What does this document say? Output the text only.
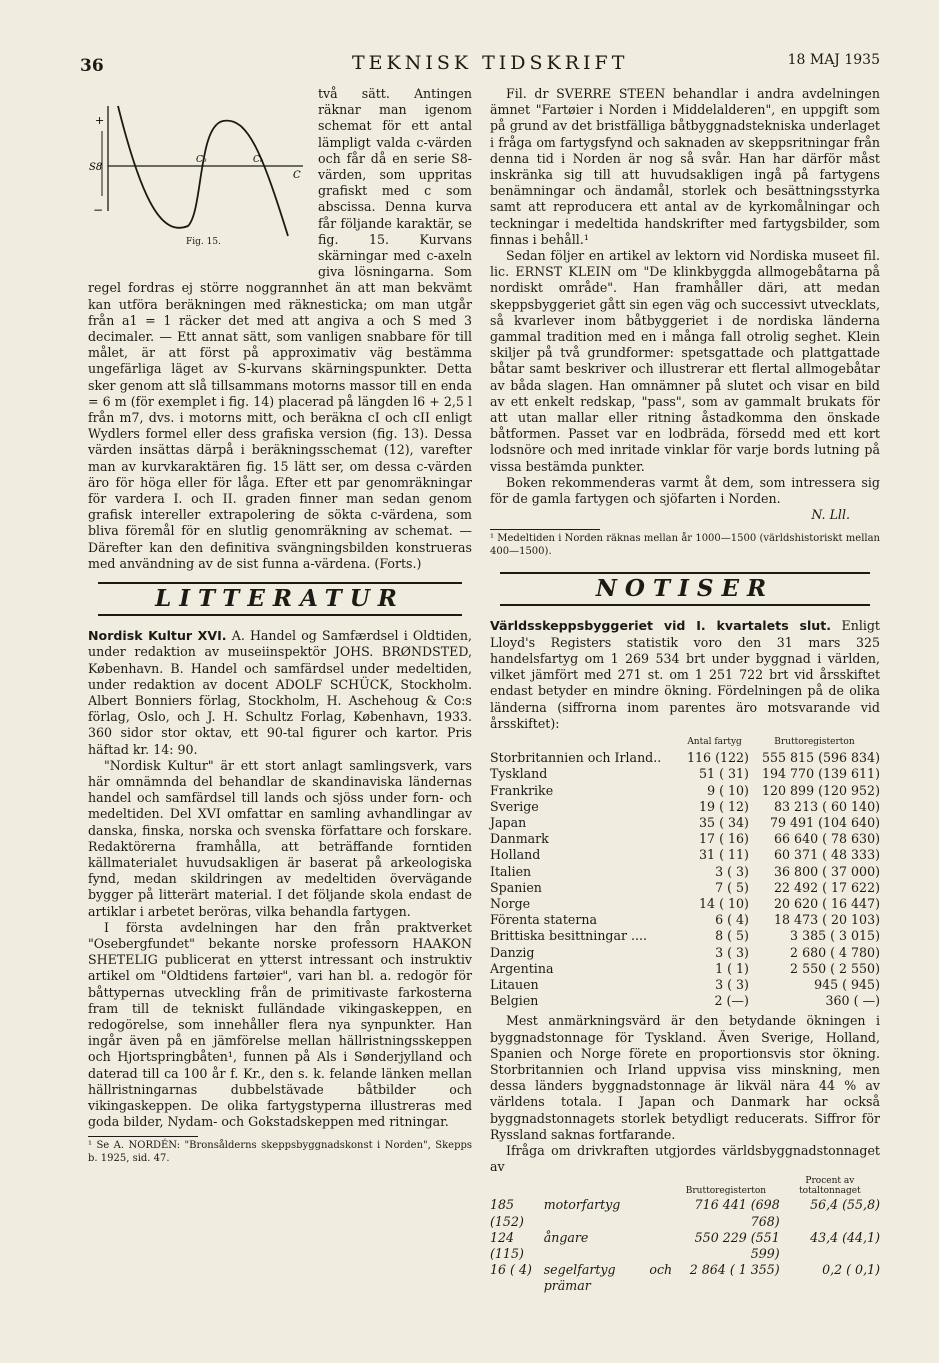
36	TEKNISK TIDSKRIFT	18 MAJ 1935
+
−
S8
C₀	Cₕ
C
Fig. 15.

två sätt. Antingen räknar man igenom schemat för ett antal lämpligt valda c-värden och får då en serie S8-värden, som uppritas grafiskt med c som abscissa. Denna kurva får följande karaktär, se fig. 15. Kurvans skärningar med c-axeln giva lösningarna. Som regel fordras ej större noggrannhet än att man bekvämt kan utföra beräkningen med räknesticka; om man utgår från a1 = 1 räcker det med att angiva a och S med 3 decimaler. — Ett annat sätt, som vanligen snabbare för till målet, är att först på approximativ väg bestämma ungefärliga läget av S-kurvans skärningspunkter. Detta sker genom att slå tillsammans motorns massor till en enda = 6 m (för exemplet i fig. 14) placerad på längden l6 + 2,5 l från m7, dvs. i motorns mitt, och beräkna cI och cII enligt Wydlers formel eller dess grafiska version (fig. 13). Dessa värden insättas därpå i beräkningsschemat (12), varefter man av kurvkaraktären fig. 15 lätt ser, om dessa c-värden äro för höga eller för låga. Efter ett par genomräkningar för vardera I. och II. graden finner man sedan genom grafisk intereller extrapolering de sökta c-värdena, som bliva föremål för en slutlig genomräkning av schemat. — Därefter kan den definitiva svängningsbilden konstrueras med användning av de sist funna a-värdena. (Forts.)

LITTERATUR

Nordisk Kultur XVI. A. Handel og Samfærdsel i Oldtiden, under redaktion av museiinspektör JOHS. BRØNDSTED, København. B. Handel och samfärdsel under medeltiden, under redaktion av docent ADOLF SCHÜCK, Stockholm. Albert Bonniers förlag, Stockholm, H. Aschehoug & Co:s förlag, Oslo, och J. H. Schultz Forlag, København, 1933. 360 sidor stor oktav, ett 90-tal figurer och kartor. Pris häftad kr. 14: 90.

"Nordisk Kultur" är ett stort anlagt samlingsverk, vars här omnämnda del behandlar de skandinaviska ländernas handel och samfärdsel till lands och sjöss under forn- och medeltiden. Del XVI omfattar en samling avhandlingar av danska, finska, norska och svenska författare och forskare. Redaktörerna framhålla, att beträffande forntiden källmaterialet huvudsakligen är baserat på arkeologiska fynd, medan skildringen av medeltiden övervägande bygger på litterärt material. I det följande skola endast de artiklar i arbetet beröras, vilka behandla fartygen.

I första avdelningen har den från praktverket "Osebergfundet" bekante norske professorn HAAKON SHETELIG publicerat en ytterst intressant och instruktiv artikel om "Oldtidens fartøier", vari han bl. a. redogör för båttypernas utveckling från de primitivaste farkosterna fram till de tekniskt fulländade vikingaskeppen, en redogörelse, som innehåller flera nya synpunkter. Han ingår även på en jämförelse mellan hällristningsskeppen och Hjortspringbåten¹, funnen på Als i Sønderjylland och daterad till ca 100 år f. Kr., den s. k. felande länken mellan hällristningarnas dubbelstävade båtbilder och vikingaskeppen. De olika fartygstyperna illustreras med goda bilder, Nydam- och Gokstadskeppen med ritningar.

¹ Se A. NORDÉN: "Bronsålderns skeppsbyggnadskonst i Norden", Skepps b. 1925, sid. 47.

Fil. dr SVERRE STEEN behandlar i andra avdelningen ämnet "Fartøier i Norden i Middelalderen", en uppgift som på grund av det bristfälliga båtbyggnadstekniska underlaget i fråga om fartygsfynd och saknaden av skeppsritningar från denna tid i Norden är nog så svår. Han har därför måst inskränka sig till att huvudsakligen ingå på fartygens benämningar och ändamål, storlek och besättningsstyrka samt att reproducera ett antal av de kyrkomålningar och teckningar i medeltida handskrifter med fartygsbilder, som finnas i behåll.¹

Sedan följer en artikel av lektorn vid Nordiska museet fil. lic. ERNST KLEIN om "De klinkbyggda allmogebåtarna på nordiskt område". Han framhåller däri, att medan skeppsbyggeriet gått sin egen väg och successivt utvecklats, så kvarlever inom båtbyggeriet i de nordiska länderna gammal tradition med en i många fall otrolig seghet. Klein skiljer på två grundformer: spetsgattade och plattgattade båtar samt beskriver och illustrerar ett flertal allmogebåtar av båda slagen. Han omnämner på slutet och visar en bild av ett enkelt redskap, "pass", som av gammalt brukats för att utan mallar eller ritning åstadkomma den önskade båtformen. Passet var en lodbräda, försedd med ett kort lodsnöre och med inritade vinklar för varje bords lutning på vissa bestämda punkter.

Boken rekommenderas varmt åt dem, som intressera sig för de gamla fartygen och sjöfarten i Norden.

N. Lll.
¹ Medeltiden i Norden räknas mellan år 1000—1500 (världshistoriskt mellan 400—1500).
NOTISER

Världsskeppsbyggeriet vid I. kvartalets slut. Enligt Lloyd's Registers statistik voro den 31 mars 325 handelsfartyg om 1 269 534 brt under byggnad i världen, vilket jämfört med 271 st. om 1 251 722 brt vid årsskiftet endast betyder en mindre ökning. Fördelningen på de olika länderna (siffrorna inom parentes äro motsvarande vid årsskiftet):

	Antal fartyg	Bruttoregisterton
Storbritannien och Irland..	116 (122)	555 815 (596 834)
Tyskland	51 ( 31)	194 770 (139 611)
Frankrike	9 ( 10)	120 899 (120 952)
Sverige	19 ( 12)	83 213 ( 60 140)
Japan	35 ( 34)	79 491 (104 640)
Danmark	17 ( 16)	66 640 ( 78 630)
Holland	31 ( 11)	60 371 ( 48 333)
Italien	3 ( 3)	36 800 ( 37 000)
Spanien	7 ( 5)	22 492 ( 17 622)
Norge	14 ( 10)	20 620 ( 16 447)
Förenta staterna	6 ( 4)	18 473 ( 20 103)
Brittiska besittningar ....	8 ( 5)	3 385 ( 3 015)
Danzig	3 ( 3)	2 680 ( 4 780)
Argentina	1 ( 1)	2 550 ( 2 550)
Litauen	3 ( 3)	945 ( 945)
Belgien	2 (—)	360 ( —)

Mest anmärkningsvärd är den betydande ökningen i byggnadstonnage för Tyskland. Även Sverige, Holland, Spanien och Norge förete en proportionsvis stor ökning. Storbritannien och Irland uppvisa viss minskning, men dessa länders byggnadstonnage är likväl nära 44 % av världens totala. I Japan och Danmark har också byggnadstonnagets storlek betydligt reducerats. Siffror för Ryssland saknas fortfarande.

Ifråga om drivkraften utgjordes världsbyggnadstonnaget av

		Bruttoregisterton	Procent av totaltonnaget
185 (152)	motorfartyg	716 441 (698 768)	56,4 (55,8)
124 (115)	ångare	550 229 (551 599)	43,4 (44,1)
16 ( 4)	segelfartyg och prämar	2 864 ( 1 355)	0,2 ( 0,1)
